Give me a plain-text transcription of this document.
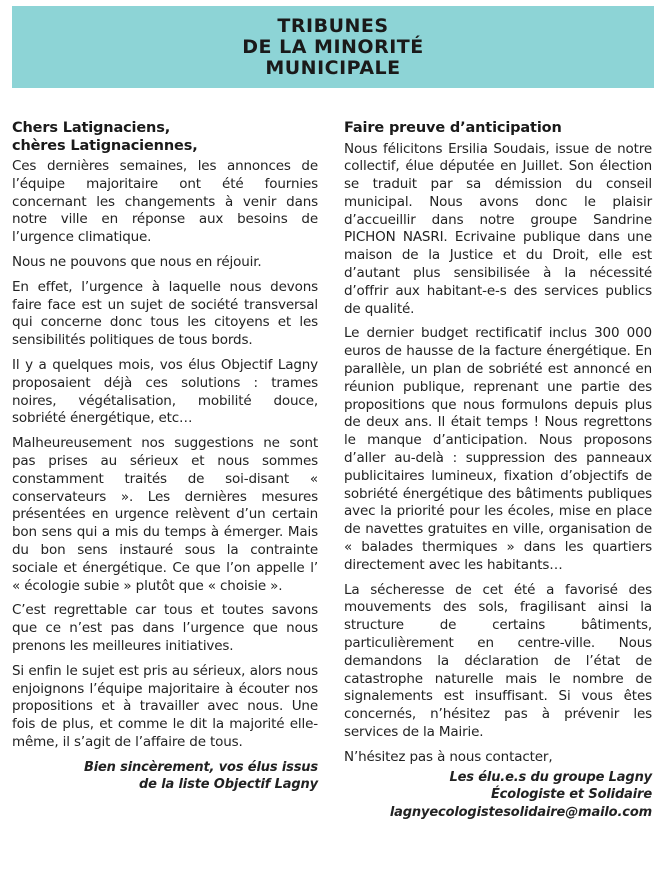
TRIBUNES
DE LA MINORITÉ
MUNICIPALE
Chers Latignaciens,
chères Latignaciennes,

Ces dernières semaines, les annonces de l’équipe majoritaire ont été fournies concernant les changements à venir dans notre ville en réponse aux besoins de l’urgence climatique.

Nous ne pouvons que nous en réjouir.

En effet, l’urgence à laquelle nous devons faire face est un sujet de société transversal qui concerne donc tous les citoyens et les sensibilités politiques de tous bords.

Il y a quelques mois, vos élus Objectif Lagny proposaient déjà ces solutions : trames noires, végétalisation, mobilité douce, sobriété énergétique, etc…

Malheureusement nos suggestions ne sont pas prises au sérieux et nous sommes constamment traités de soi-disant « conservateurs ». Les dernières mesures présentées en urgence relèvent d’un certain bon sens qui a mis du temps à émerger. Mais du bon sens instauré sous la contrainte sociale et énergétique. Ce que l’on appelle l’ « écologie subie » plutôt que « choisie ».

C’est regrettable car tous et toutes savons que ce n’est pas dans l’urgence que nous prenons les meilleures initiatives.

Si enfin le sujet est pris au sérieux, alors nous enjoignons l’équipe majoritaire à écouter nos propositions et à travailler avec nous. Une fois de plus, et comme le dit la majorité elle-même, il s’agit de l’affaire de tous.

Bien sincèrement, vos élus issus
de la liste Objectif Lagny
Faire preuve d’anticipation

Nous félicitons Ersilia Soudais, issue de notre collectif, élue députée en Juillet. Son élection se traduit par sa démission du conseil municipal. Nous avons donc le plaisir d’accueillir dans notre groupe Sandrine PICHON NASRI. Ecrivaine publique dans une maison de la Justice et du Droit, elle est d’autant plus sensibilisée à la nécessité d’offrir aux habitant-e-s des services publics de qualité.

Le dernier budget rectificatif inclus 300 000 euros de hausse de la facture énergétique. En parallèle, un plan de sobriété est annoncé en réunion publique, reprenant une partie des propositions que nous formulons depuis plus de deux ans. Il était temps ! Nous regrettons le manque d’anticipation. Nous proposons d’aller au-delà : suppression des panneaux publicitaires lumineux, fixation d’objectifs de sobriété énergétique des bâtiments publiques avec la priorité pour les écoles, mise en place de navettes gratuites en ville, organisation de « balades thermiques » dans les quartiers directement avec les habitants…

La sécheresse de cet été a favorisé des mouvements des sols, fragilisant ainsi la structure de certains bâtiments, particulièrement en centre-ville. Nous demandons la déclaration de l’état de catastrophe naturelle mais le nombre de signalements est insuffisant. Si vous êtes concernés, n’hésitez pas à prévenir les services de la Mairie.

N’hésitez pas à nous contacter,

Les élu.e.s du groupe Lagny
Écologiste et Solidaire
lagnyecologistesolidaire@mailo.com
